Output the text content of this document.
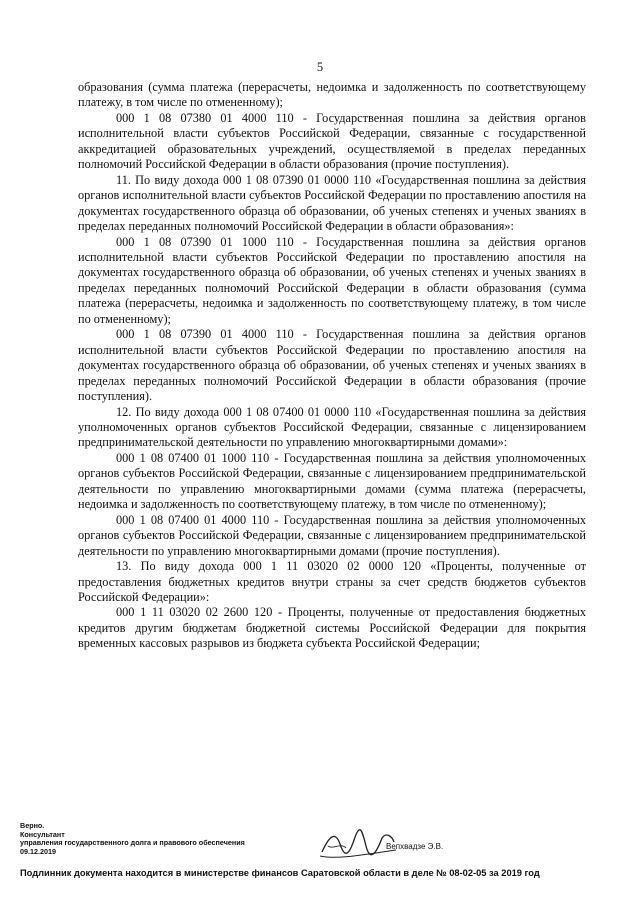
5

образования (сумма платежа (перерасчеты, недоимка и задолженность по соответствующему платежу, в том числе по отмененному);

000 1 08 07380 01 4000 110 - Государственная пошлина за действия органов исполнительной власти субъектов Российской Федерации, связанные с государственной аккредитацией образовательных учреждений, осуществляемой в пределах переданных полномочий Российской Федерации в области образования (прочие поступления).

11. По виду дохода 000 1 08 07390 01 0000 110 «Государственная пошлина за действия органов исполнительной власти субъектов Российской Федерации по проставлению апостиля на документах государственного образца об образовании, об ученых степенях и ученых званиях в пределах переданных полномочий Российской Федерации в области образования»:

000 1 08 07390 01 1000 110 - Государственная пошлина за действия органов исполнительной власти субъектов Российской Федерации по проставлению апостиля на документах государственного образца об образовании, об ученых степенях и ученых званиях в пределах переданных полномочий Российской Федерации в области образования (сумма платежа (перерасчеты, недоимка и задолженность по соответствующему платежу, в том числе по отмененному);

000 1 08 07390 01 4000 110 - Государственная пошлина за действия органов исполнительной власти субъектов Российской Федерации по проставлению апостиля на документах государственного образца об образовании, об ученых степенях и ученых званиях в пределах переданных полномочий Российской Федерации в области образования (прочие поступления).

12. По виду дохода 000 1 08 07400 01 0000 110 «Государственная пошлина за действия уполномоченных органов субъектов Российской Федерации, связанные с лицензированием предпринимательской деятельности по управлению многоквартирными домами»:

000 1 08 07400 01 1000 110 - Государственная пошлина за действия уполномоченных органов субъектов Российской Федерации, связанные с лицензированием предпринимательской деятельности по управлению многоквартирными домами (сумма платежа (перерасчеты, недоимка и задолженность по соответствующему платежу, в том числе по отмененному);

000 1 08 07400 01 4000 110 - Государственная пошлина за действия уполномоченных органов субъектов Российской Федерации, связанные с лицензированием предпринимательской деятельности по управлению многоквартирными домами (прочие поступления).

13. По виду дохода 000 1 11 03020 02 0000 120 «Проценты, полученные от предоставления бюджетных кредитов внутри страны за счет средств бюджетов субъектов Российской Федерации»:

000 1 11 03020 02 2600 120 - Проценты, полученные от предоставления бюджетных кредитов другим бюджетам бюджетной системы Российской Федерации для покрытия временных кассовых разрывов из бюджета субъекта Российской Федерации;

Верно.
Консультант
управления государственного долга и правового обеспечения
09.12.2019
Вепхвадзе Э.В.
Подлинник документа находится в министерстве финансов Саратовской области в деле № 08-02-05 за 2019 год
